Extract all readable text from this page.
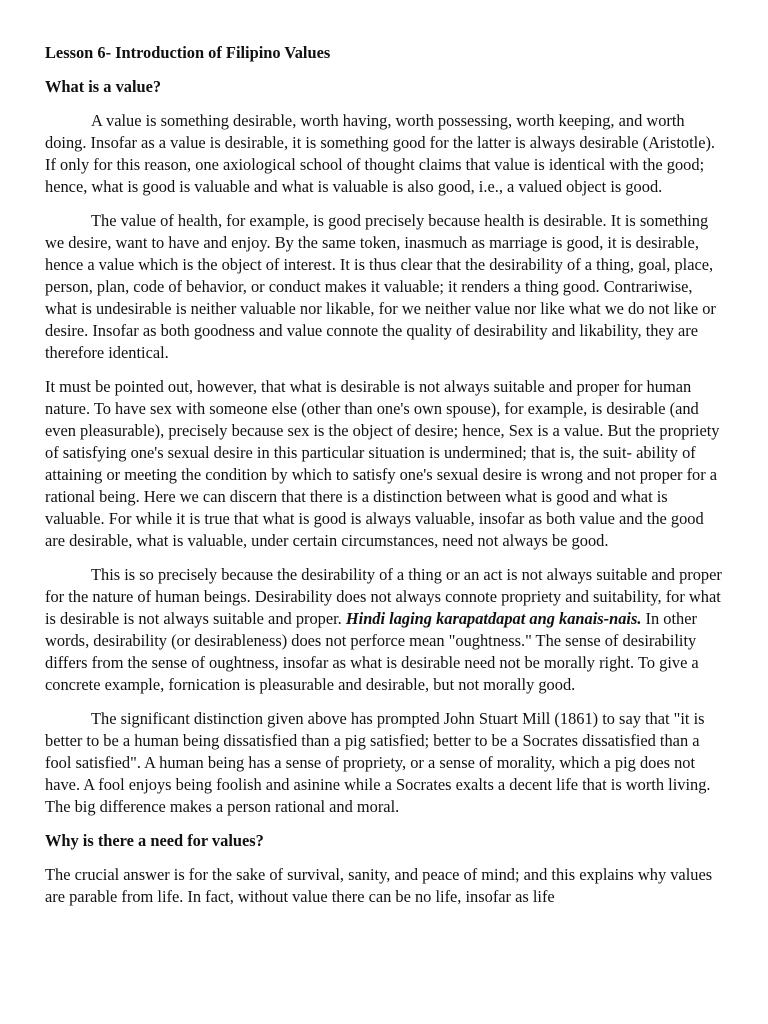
Lesson 6- Introduction of Filipino Values

What is a value?

A value is something desirable, worth having, worth possessing, worth keeping, and worth doing. Insofar as a value is desirable, it is something good for the latter is always desirable (Aristotle). If only for this reason, one axiological school of thought claims that value is identical with the good; hence, what is good is valuable and what is valuable is also good, i.e., a valued object is good.

The value of health, for example, is good precisely because health is desirable. It is something we desire, want to have and enjoy. By the same token, inasmuch as marriage is good, it is desirable, hence a value which is the object of interest. It is thus clear that the desirability of a thing, goal, place, person, plan, code of behavior, or conduct makes it valuable; it renders a thing good. Contrariwise, what is undesirable is neither valuable nor likable, for we neither value nor like what we do not like or desire. Insofar as both goodness and value connote the quality of desirability and likability, they are therefore identical.

It must be pointed out, however, that what is desirable is not always suitable and proper for human nature. To have sex with someone else (other than one's own spouse), for example, is desirable (and even pleasurable), precisely because sex is the object of desire; hence, Sex is a value. But the propriety of satisfying one's sexual desire in this particular situation is undermined; that is, the suit- ability of attaining or meeting the condition by which to satisfy one's sexual desire is wrong and not proper for a rational being. Here we can discern that there is a distinction between what is good and what is valuable. For while it is true that what is good is always valuable, insofar as both value and the good are desirable, what is valuable, under certain circumstances, need not always be good.

This is so precisely because the desirability of a thing or an act is not always suitable and proper for the nature of human beings. Desirability does not always connote propriety and suitability, for what is desirable is not always suitable and proper. Hindi laging karapatdapat ang kanais-nais. In other words, desirability (or desirableness) does not perforce mean "oughtness." The sense of desirability differs from the sense of oughtness, insofar as what is desirable need not be morally right. To give a concrete example, fornication is pleasurable and desirable, but not morally good.

The significant distinction given above has prompted John Stuart Mill (1861) to say that "it is better to be a human being dissatisfied than a pig satisfied; better to be a Socrates dissatisfied than a fool satisfied". A human being has a sense of propriety, or a sense of morality, which a pig does not have. A fool enjoys being foolish and asinine while a Socrates exalts a decent life that is worth living. The big difference makes a person rational and moral.

Why is there a need for values?

The crucial answer is for the sake of survival, sanity, and peace of mind; and this explains why values are parable from life. In fact, without value there can be no life, insofar as life
